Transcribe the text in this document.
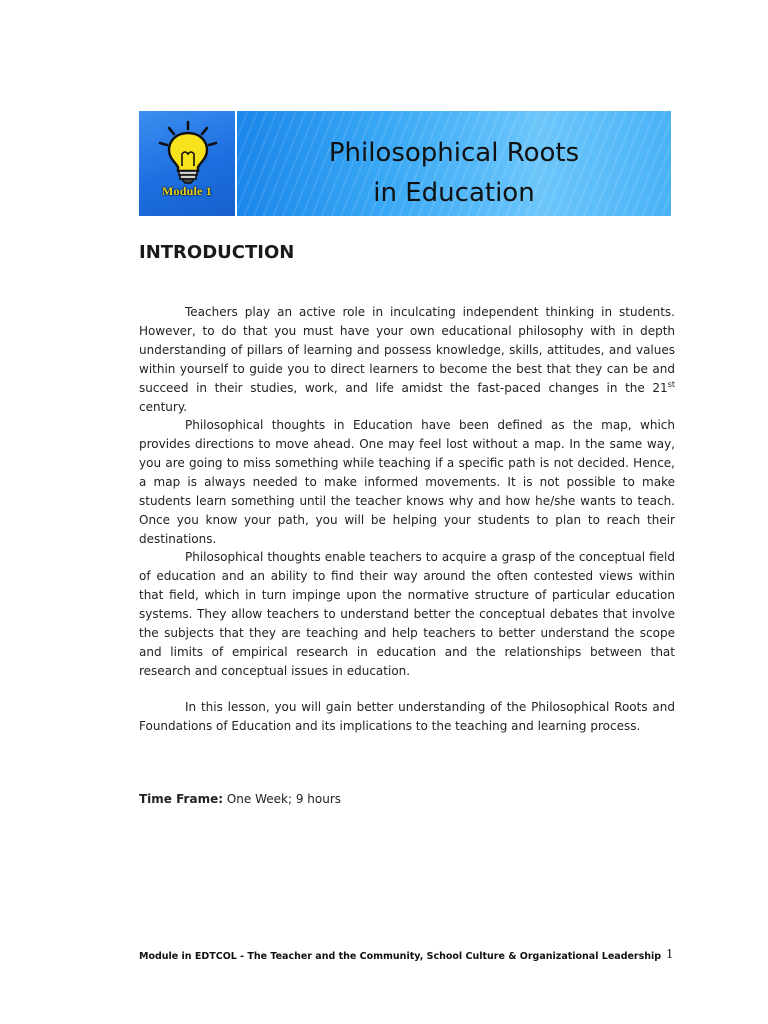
Module 1
Philosophical Roots
in Education
INTRODUCTION

Teachers play an active role in inculcating independent thinking in students. However, to do that you must have your own educational philosophy with in depth understanding of pillars of learning and possess knowledge, skills, attitudes, and values within yourself to guide you to direct learners to become the best that they can be and succeed in their studies, work, and life amidst the fast-paced changes in the 21st century.

Philosophical thoughts in Education have been defined as the map, which provides directions to move ahead. One may feel lost without a map. In the same way, you are going to miss something while teaching if a specific path is not decided. Hence, a map is always needed to make informed movements. It is not possible to make students learn something until the teacher knows why and how he/she wants to teach. Once you know your path, you will be helping your students to plan to reach their destinations.

Philosophical thoughts enable teachers to acquire a grasp of the conceptual field of education and an ability to find their way around the often contested views within that field, which in turn impinge upon the normative structure of particular education systems. They allow teachers to understand better the conceptual debates that involve the subjects that they are teaching and help teachers to better understand the scope and limits of empirical research in education and the relationships between that research and conceptual issues in education.

In this lesson, you will gain better understanding of the Philosophical Roots and Foundations of Education and its implications to the teaching and learning process.

Time Frame: One Week; 9 hours
Module in EDTCOL - The Teacher and the Community, School Culture & Organizational Leadership 1
